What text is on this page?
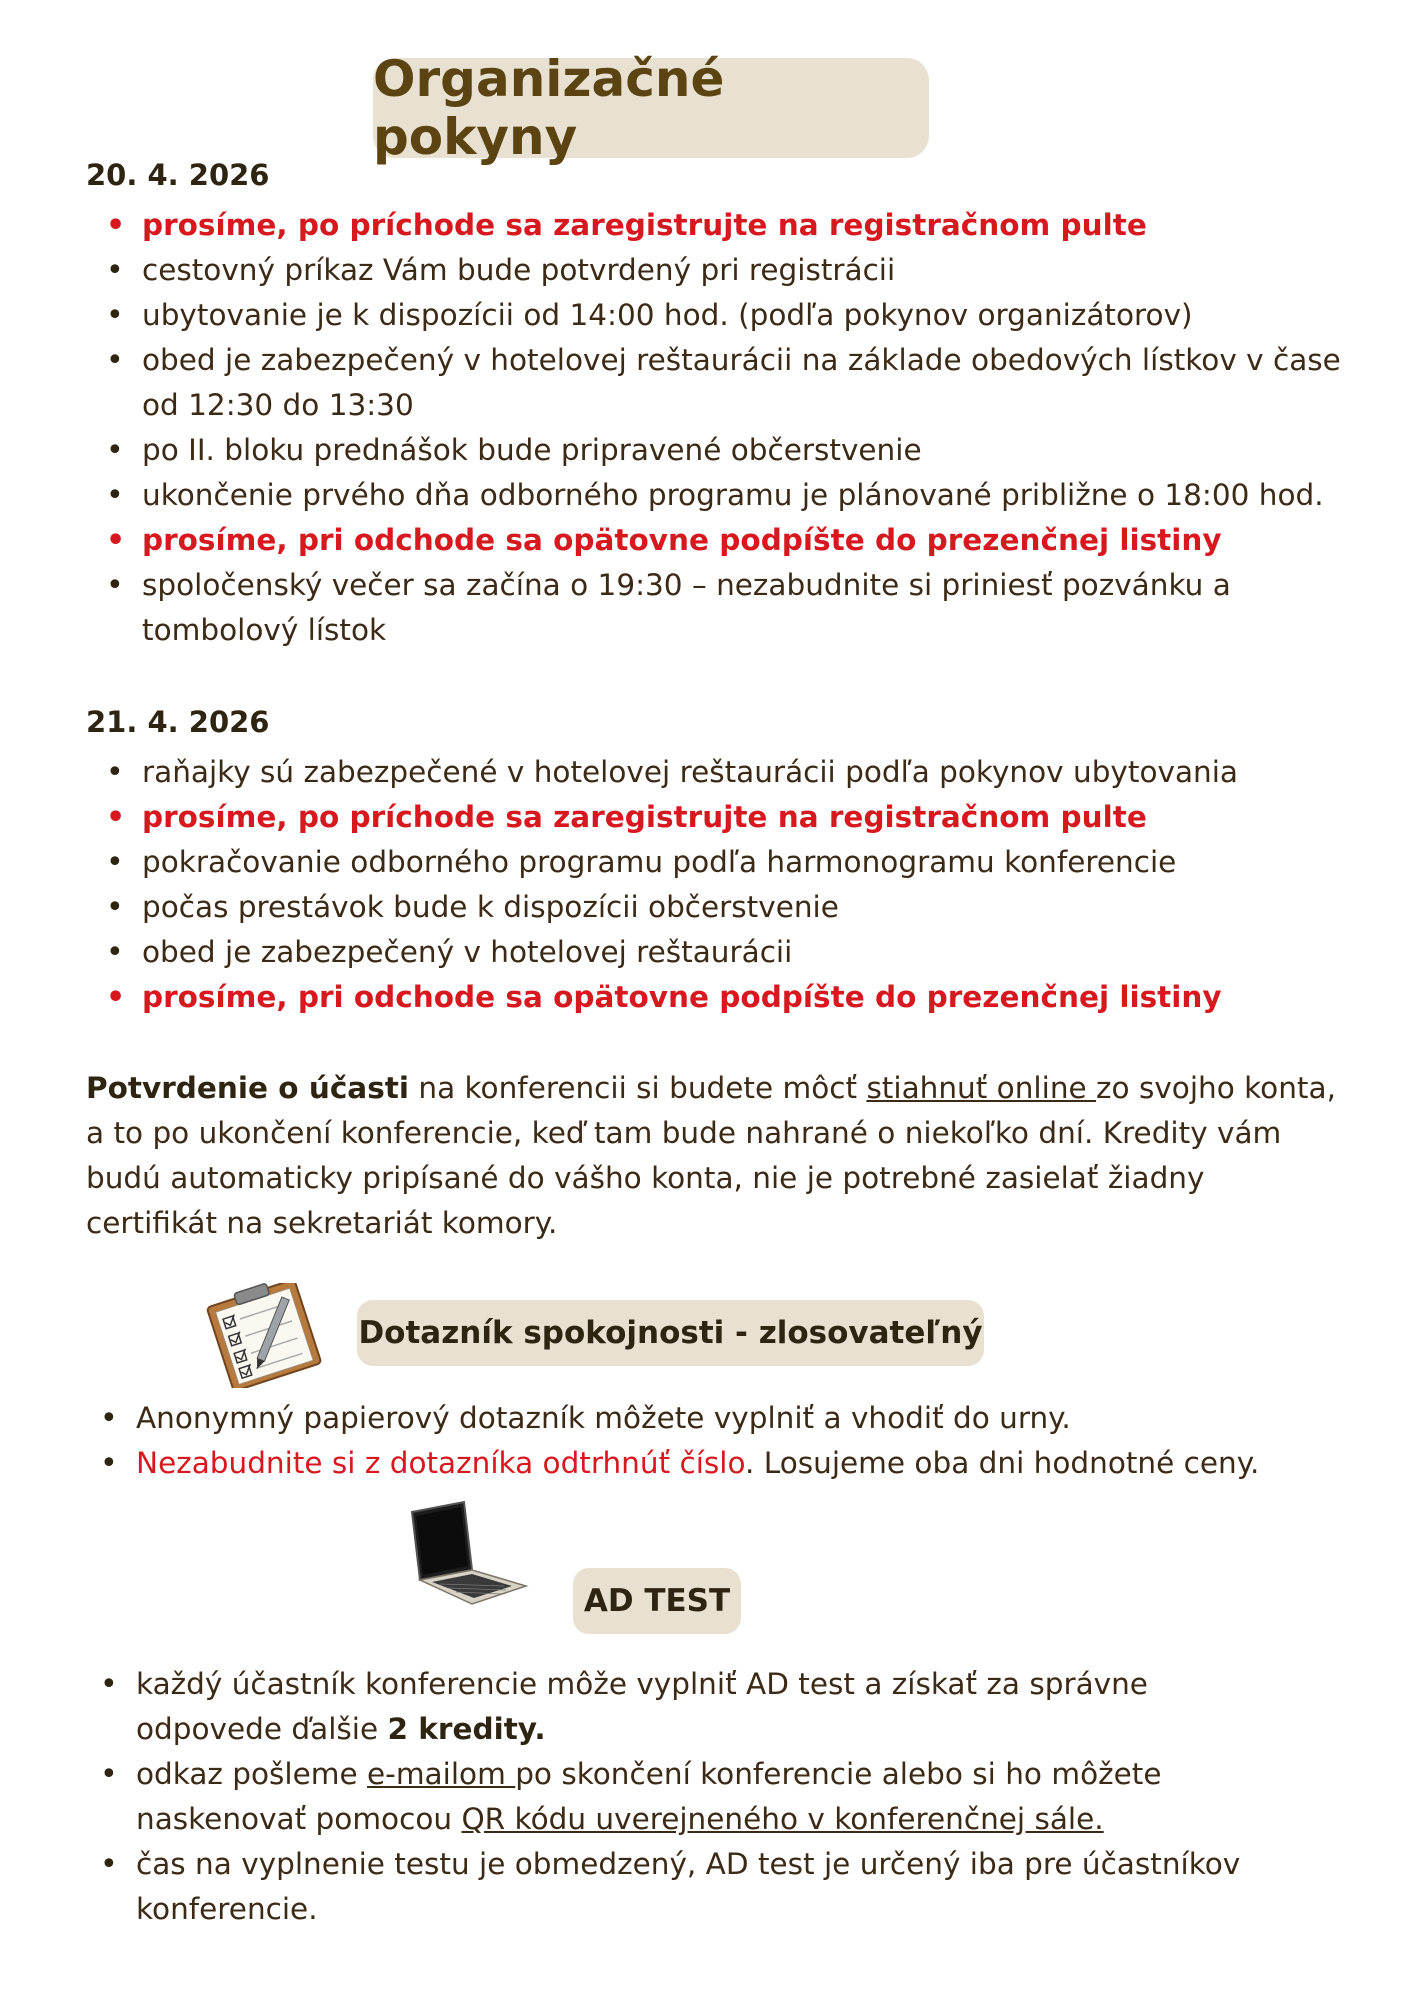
Organizačné pokyny
20. 4. 2026
• prosíme, po príchode sa zaregistrujte na registračnom pulte
• cestovný príkaz Vám bude potvrdený pri registrácii
• ubytovanie je k dispozícii od 14:00 hod. (podľa pokynov organizátorov)
• obed je zabezpečený v hotelovej reštaurácii na základe obedových lístkov v čase od 12:30 do 13:30
• po II. bloku prednášok bude pripravené občerstvenie
• ukončenie prvého dňa odborného programu je plánované približne o 18:00 hod.
• prosíme, pri odchode sa opätovne podpíšte do prezenčnej listiny
• spoločenský večer sa začína o 19:30 – nezabudnite si priniesť pozvánku a tombolový lístok
21. 4. 2026
• raňajky sú zabezpečené v hotelovej reštaurácii podľa pokynov ubytovania
• prosíme, po príchode sa zaregistrujte na registračnom pulte
• pokračovanie odborného programu podľa harmonogramu konferencie
• počas prestávok bude k dispozícii občerstvenie
• obed je zabezpečený v hotelovej reštaurácii
• prosíme, pri odchode sa opätovne podpíšte do prezenčnej listiny

Potvrdenie o účasti na konferencii si budete môcť stiahnuť online zo svojho konta, a to po ukončení konferencie, keď tam bude nahrané o niekoľko dní. Kredity vám budú automaticky pripísané do vášho konta, nie je potrebné zasielať žiadny certifikát na sekretariát komory.

Dotazník spokojnosti - zlosovateľný
• Anonymný papierový dotazník môžete vyplniť a vhodiť do urny.
• Nezabudnite si z dotazníka odtrhnúť číslo. Losujeme oba dni hodnotné ceny.
AD TEST
• každý účastník konferencie môže vyplniť AD test a získať za správne odpovede ďalšie 2 kredity.
• odkaz pošleme e-mailom po skončení konferencie alebo si ho môžete naskenovať pomocou QR kódu uverejneného v konferenčnej sále.
• čas na vyplnenie testu je obmedzený, AD test je určený iba pre účastníkov konferencie.
